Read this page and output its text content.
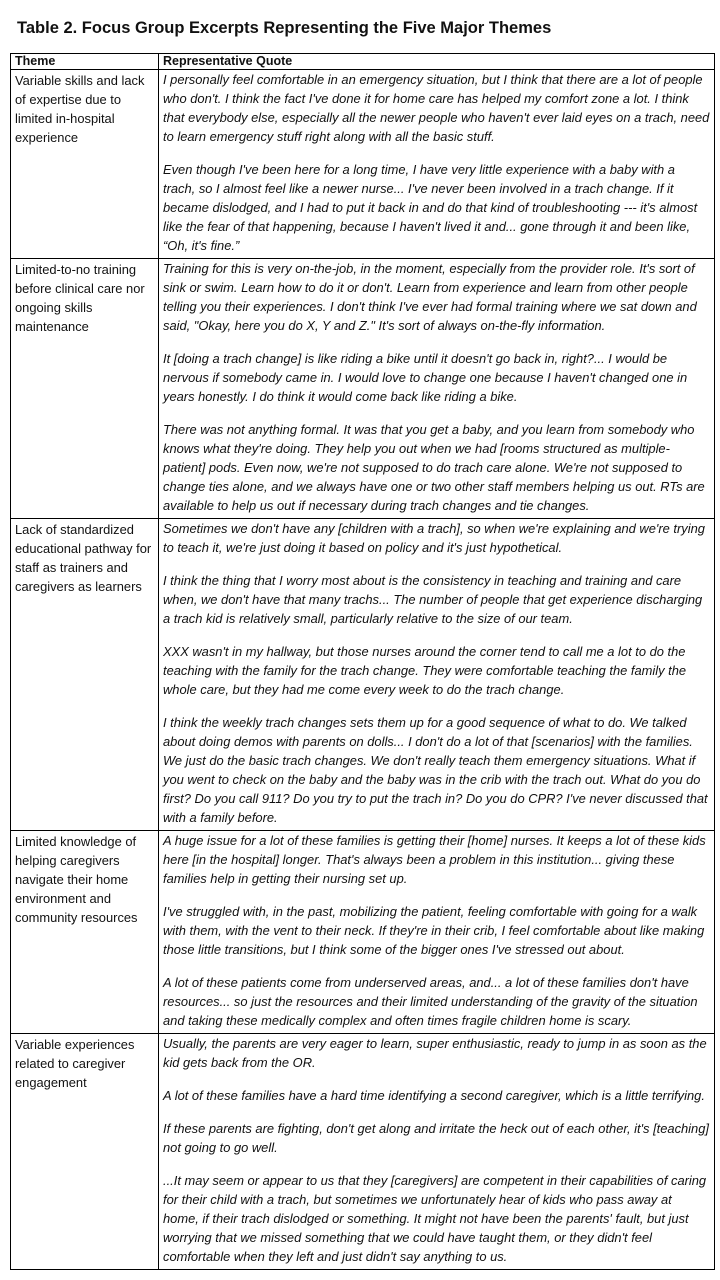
Table 2. Focus Group Excerpts Representing the Five Major Themes
Theme	Representative Quote
Variable skills and lack of expertise due to limited in-hospital experience	I personally feel comfortable in an emergency situation, but I think that there are a lot of people who don't. I think the fact I've done it for home care has helped my comfort zone a lot. I think that everybody else, especially all the newer people who haven't ever laid eyes on a trach, need to learn emergency stuff right along with all the basic stuff.

Even though I've been here for a long time, I have very little experience with a baby with a trach, so I almost feel like a newer nurse... I've never been involved in a trach change. If it became dislodged, and I had to put it back in and do that kind of troubleshooting --- it's almost like the fear of that happening, because I haven't lived it and... gone through it and been like, “Oh, it's fine.”

Limited-to-no training before clinical care nor ongoing skills maintenance	Training for this is very on-the-job, in the moment, especially from the provider role. It's sort of sink or swim. Learn how to do it or don't. Learn from experience and learn from other people telling you their experiences. I don't think I've ever had formal training where we sat down and said, "Okay, here you do X, Y and Z." It's sort of always on-the-fly information.

It [doing a trach change] is like riding a bike until it doesn't go back in, right?... I would be nervous if somebody came in. I would love to change one because I haven't changed one in years honestly. I do think it would come back like riding a bike.

There was not anything formal. It was that you get a baby, and you learn from somebody who knows what they're doing. They help you out when we had [rooms structured as multiple-patient] pods. Even now, we're not supposed to do trach care alone. We're not supposed to change ties alone, and we always have one or two other staff members helping us out. RTs are available to help us out if necessary during trach changes and tie changes.

Lack of standardized educational pathway for staff as trainers and caregivers as learners	Sometimes we don't have any [children with a trach], so when we're explaining and we're trying to teach it, we're just doing it based on policy and it's just hypothetical.

I think the thing that I worry most about is the consistency in teaching and training and care when, we don't have that many trachs... The number of people that get experience discharging a trach kid is relatively small, particularly relative to the size of our team.

XXX wasn't in my hallway, but those nurses around the corner tend to call me a lot to do the teaching with the family for the trach change. They were comfortable teaching the family the whole care, but they had me come every week to do the trach change.

I think the weekly trach changes sets them up for a good sequence of what to do. We talked about doing demos with parents on dolls... I don't do a lot of that [scenarios] with the families. We just do the basic trach changes. We don't really teach them emergency situations. What if you went to check on the baby and the baby was in the crib with the trach out. What do you do first? Do you call 911? Do you try to put the trach in? Do you do CPR? I've never discussed that with a family before.

Limited knowledge of helping caregivers navigate their home environment and community resources	A huge issue for a lot of these families is getting their [home] nurses. It keeps a lot of these kids here [in the hospital] longer. That's always been a problem in this institution... giving these families help in getting their nursing set up.

I've struggled with, in the past, mobilizing the patient, feeling comfortable with going for a walk with them, with the vent to their neck. If they're in their crib, I feel comfortable about like making those little transitions, but I think some of the bigger ones I've stressed out about.

A lot of these patients come from underserved areas, and... a lot of these families don't have resources... so just the resources and their limited understanding of the gravity of the situation and taking these medically complex and often times fragile children home is scary.

Variable experiences related to caregiver engagement	Usually, the parents are very eager to learn, super enthusiastic, ready to jump in as soon as the kid gets back from the OR.

A lot of these families have a hard time identifying a second caregiver, which is a little terrifying.

If these parents are fighting, don't get along and irritate the heck out of each other, it's [teaching] not going to go well.

...It may seem or appear to us that they [caregivers] are competent in their capabilities of caring for their child with a trach, but sometimes we unfortunately hear of kids who pass away at home, if their trach dislodged or something. It might not have been the parents' fault, but just worrying that we missed something that we could have taught them, or they didn't feel comfortable when they left and just didn't say anything to us.
